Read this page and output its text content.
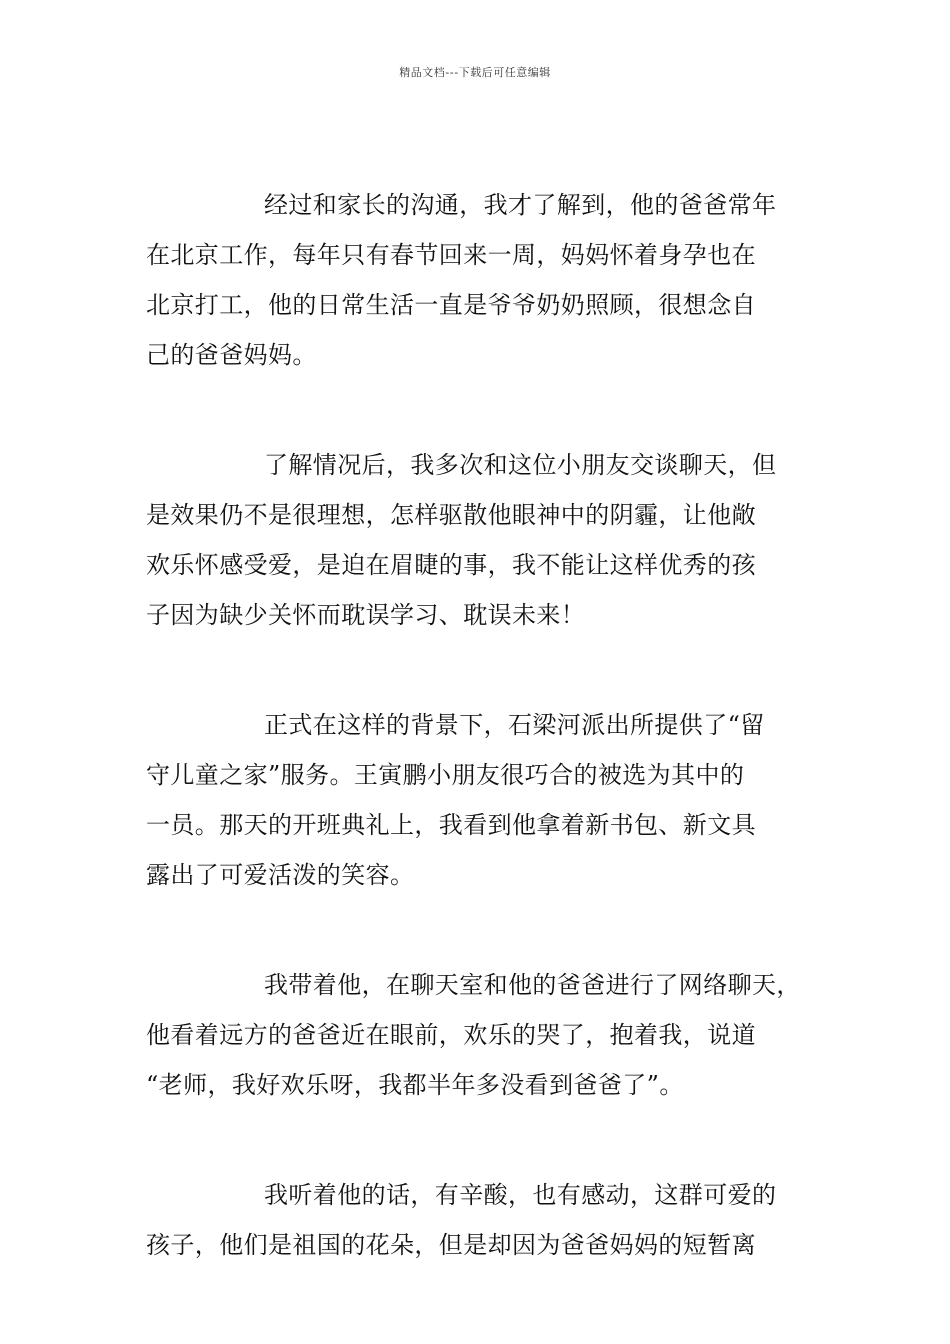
精品文档---下载后可任意编辑
经过和家长的沟通，我才了解到，他的爸爸常年
在北京工作，每年只有春节回来一周，妈妈怀着身孕也在
北京打工，他的日常生活一直是爷爷奶奶照顾，很想念自
己的爸爸妈妈。
了解情况后，我多次和这位小朋友交谈聊天，但
是效果仍不是很理想，怎样驱散他眼神中的阴霾，让他敞
欢乐怀感受爱，是迫在眉睫的事，我不能让这样优秀的孩
子因为缺少关怀而耽误学习、耽误未来！
正式在这样的背景下，石梁河派出所提供了“留
守儿童之家”服务。王寅鹏小朋友很巧合的被选为其中的
一员。那天的开班典礼上，我看到他拿着新书包、新文具
露出了可爱活泼的笑容。
我带着他，在聊天室和他的爸爸进行了网络聊天，
他看着远方的爸爸近在眼前，欢乐的哭了，抱着我，说道
“老师，我好欢乐呀，我都半年多没看到爸爸了”。
我听着他的话，有辛酸，也有感动，这群可爱的
孩子，他们是祖国的花朵，但是却因为爸爸妈妈的短暂离
